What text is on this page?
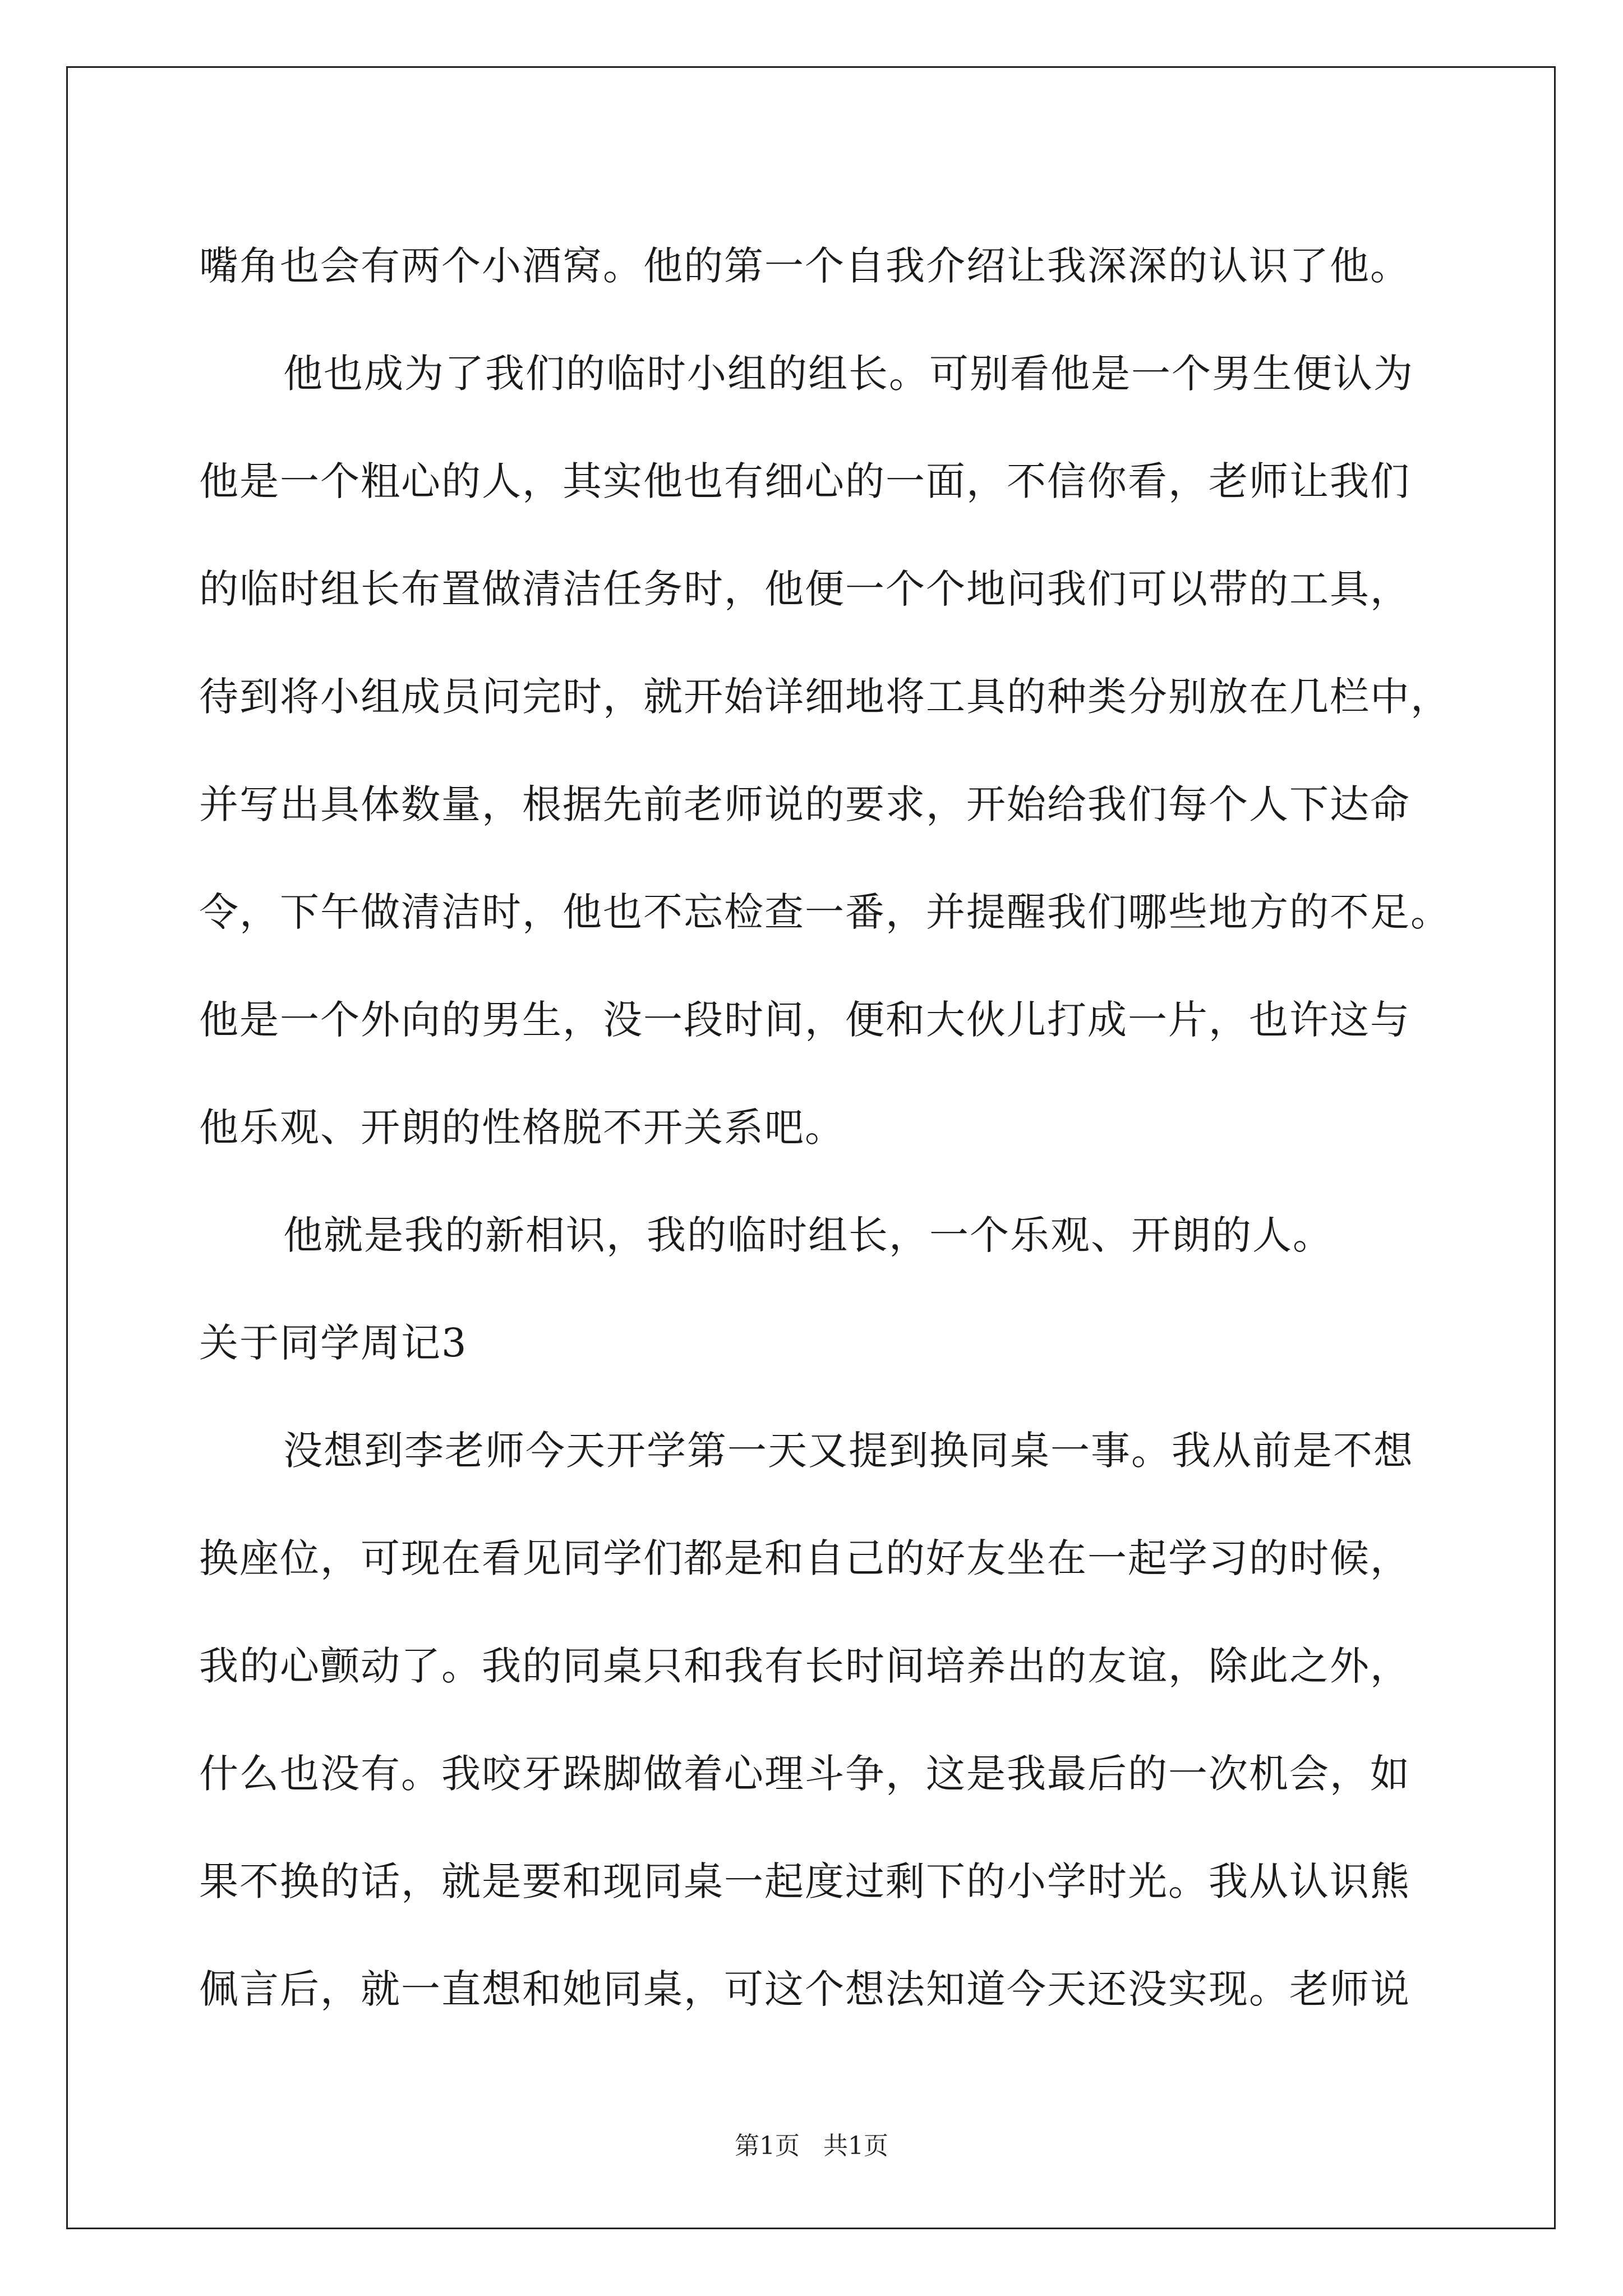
嘴角也会有两个小酒窝。他的第一个自我介绍让我深深的认识了他。

他也成为了我们的临时小组的组长。可别看他是一个男生便认为

他是一个粗心的人，其实他也有细心的一面，不信你看，老师让我们

的临时组长布置做清洁任务时，他便一个个地问我们可以带的工具，

待到将小组成员问完时，就开始详细地将工具的种类分别放在几栏中，

并写出具体数量，根据先前老师说的要求，开始给我们每个人下达命

令，下午做清洁时，他也不忘检查一番，并提醒我们哪些地方的不足。

他是一个外向的男生，没一段时间，便和大伙儿打成一片，也许这与

他乐观、开朗的性格脱不开关系吧。

他就是我的新相识，我的临时组长，一个乐观、开朗的人。

关于同学周记3

没想到李老师今天开学第一天又提到换同桌一事。我从前是不想

换座位，可现在看见同学们都是和自己的好友坐在一起学习的时候，

我的心颤动了。我的同桌只和我有长时间培养出的友谊，除此之外，

什么也没有。我咬牙跺脚做着心理斗争，这是我最后的一次机会，如

果不换的话，就是要和现同桌一起度过剩下的小学时光。我从认识熊

佩言后，就一直想和她同桌，可这个想法知道今天还没实现。老师说

第1页   共1页
